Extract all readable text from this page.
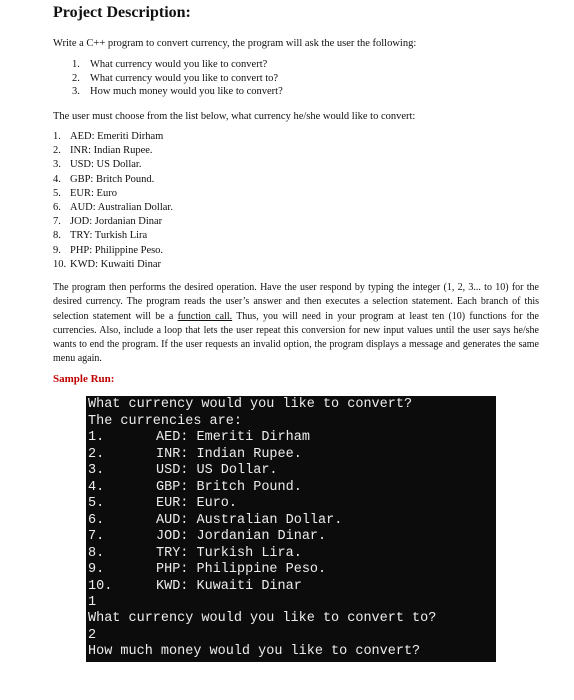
Project Description:
Write a C++ program to convert currency, the program will ask the user the following:
1. What currency would you like to convert?
2. What currency would you like to convert to?
3. How much money would you like to convert?
The user must choose from the list below, what currency he/she would like to convert:
1. AED: Emeriti Dirham
2. INR: Indian Rupee.
3. USD: US Dollar.
4. GBP: Britch Pound.
5. EUR: Euro
6. AUD: Australian Dollar.
7. JOD: Jordanian Dinar
8. TRY: Turkish Lira
9. PHP: Philippine Peso.
10. KWD: Kuwaiti Dinar
The program then performs the desired operation. Have the user respond by typing the integer (1, 2, 3... to 10) for the desired currency. The program reads the user’s answer and then executes a selection statement. Each branch of this selection statement will be a function call. Thus, you will need in your program at least ten (10) functions for the currencies. Also, include a loop that lets the user repeat this conversion for new input values until the user says he/she wants to end the program. If the user requests an invalid option, the program displays a message and generates the same menu again.
Sample Run:
What currency would you like to convert?
The currencies are:
1.	AED: Emeriti Dirham
2.	INR: Indian Rupee.
3.	USD: US Dollar.
4.	GBP: Britch Pound.
5.	EUR: Euro.
6.	AUD: Australian Dollar.
7.	JOD: Jordanian Dinar.
8.	TRY: Turkish Lira.
9.	PHP: Philippine Peso.
10.	KWD: Kuwaiti Dinar
1
What currency would you like to convert to?
2
How much money would you like to convert?
